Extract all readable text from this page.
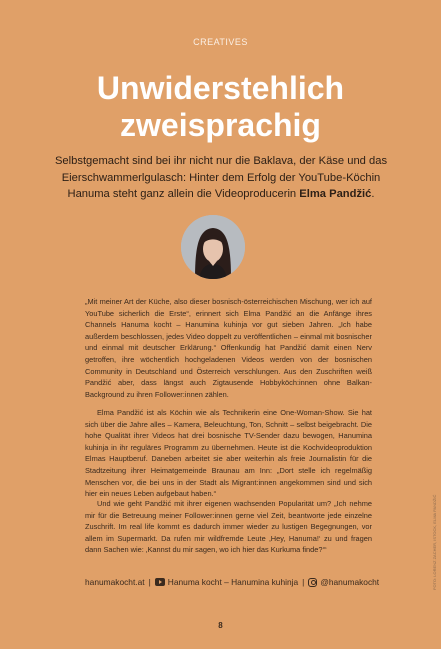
CREATIVES
Unwiderstehlich
zweisprachig
Selbstgemacht sind bei ihr nicht nur die Baklava, der Käse und das Eierschwammerlgulasch: Hinter dem Erfolg der YouTube-Köchin Hanuma steht ganz allein die Videoproducerin Elma Pandžić.

„Mit meiner Art der Küche, also dieser bosnisch-österreichischen Mischung, wer ich auf YouTube sicherlich die Erste“, erinnert sich Elma Pandžić an die Anfänge ihres Channels Hanuma kocht – Hanumina kuhinja vor gut sieben Jahren. „Ich habe außerdem beschlossen, jedes Video doppelt zu veröffentlichen – einmal mit bosnischer und einmal mit deutscher Erklärung.“ Offenkundig hat Pandžić damit einen Nerv getroffen, ihre wöchentlich hochgeladenen Videos werden von der bosnischen Community in Deutschland und Österreich verschlungen. Aus den Zuschriften weiß Pandžić aber, dass längst auch Zigtausende Hobbyköch:innen ohne Balkan-Background zu ihren Follower:innen zählen.

Elma Pandžić ist als Köchin wie als Technikerin eine One-Woman-Show. Sie hat sich über die Jahre alles – Kamera, Beleuchtung, Ton, Schnitt – selbst beigebracht. Die hohe Qualität ihrer Videos hat drei bosnische TV-Sender dazu bewogen, Hanumina kuhinja in ihr reguläres Programm zu übernehmen. Heute ist die Kochvideoproduktion Elmas Hauptberuf. Daneben arbeitet sie aber weiterhin als freie Journalistin für die Stadtzeitung ihrer Heimatgemeinde Braunau am Inn: „Dort stelle ich regelmäßig Menschen vor, die bei uns in der Stadt als Migrant:innen angekommen sind und sich hier ein neues Leben aufgebaut haben.“

Und wie geht Pandžić mit ihrer eigenen wachsenden Popularität um? „Ich nehme mir für die Betreuung meiner Follower:innen gerne viel Zeit, beantworte jede einzelne Zuschrift. Im real life kommt es dadurch immer wieder zu lustigen Begegnungen, vor allem im Supermarkt. Da rufen mir wildfremde Leute ‚Hey, Hanuma!‘ zu und fragen dann Sachen wie: ‚Kannst du mir sagen, wo ich hier das Kurkuma finde?‘“

hanumakocht.at | Hanuma kocht – Hanumina kuhinja | @hanumakocht
8
FOTO: LORENZ ZACHER, ISTOCK, ELMA PANDŽIĆ
